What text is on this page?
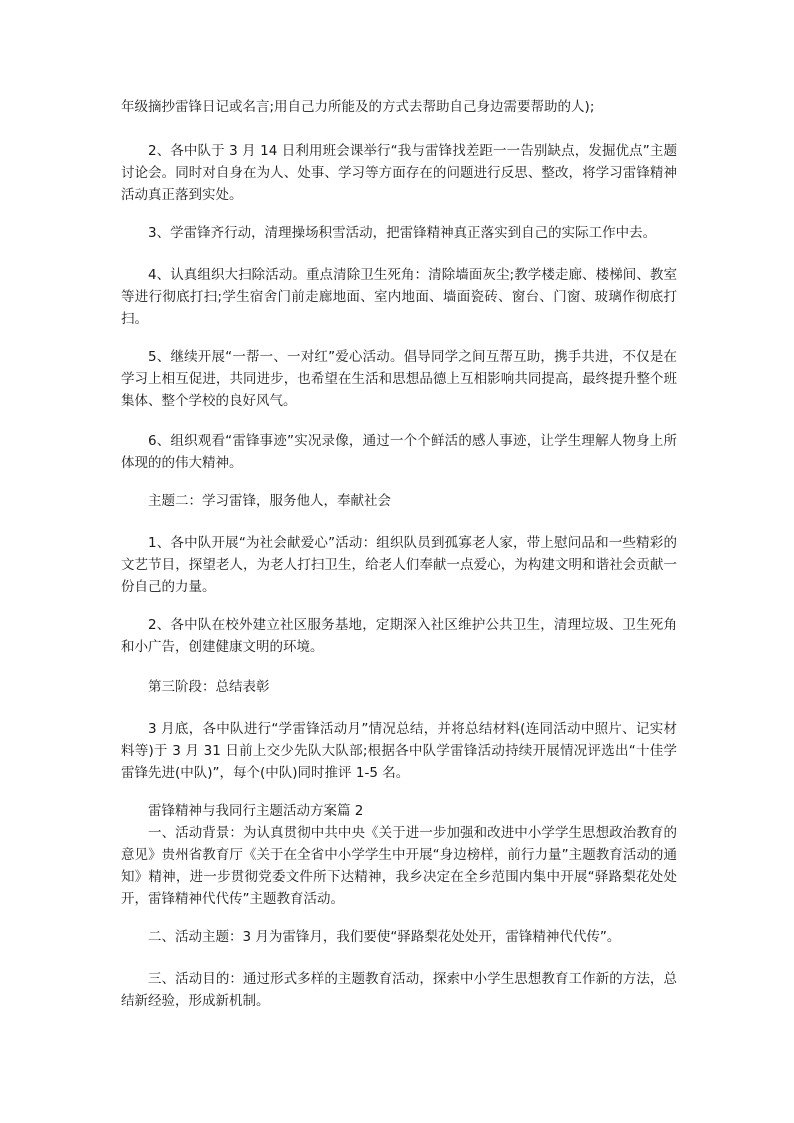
年级摘抄雷锋日记或名言;用自己力所能及的方式去帮助自己身边需要帮助的人);

2、各中队于 3 月 14 日利用班会课举行“我与雷锋找差距一一告别缺点，发掘优点”主题讨论会。同时对自身在为人、处事、学习等方面存在的问题进行反思、整改，将学习雷锋精神活动真正落到实处。

3、学雷锋齐行动，清理操场积雪活动，把雷锋精神真正落实到自己的实际工作中去。

4、认真组织大扫除活动。重点清除卫生死角：清除墙面灰尘;教学楼走廊、楼梯间、教室等进行彻底打扫;学生宿舍门前走廊地面、室内地面、墙面瓷砖、窗台、门窗、玻璃作彻底打扫。

5、继续开展“一帮一、一对红”爱心活动。倡导同学之间互帮互助，携手共进，不仅是在学习上相互促进，共同进步，也希望在生活和思想品德上互相影响共同提高，最终提升整个班集体、整个学校的良好风气。

6、组织观看“雷锋事迹”实况录像，通过一个个鲜活的感人事迹，让学生理解人物身上所体现的的伟大精神。

主题二：学习雷锋，服务他人，奉献社会

1、各中队开展“为社会献爱心”活动：组织队员到孤寡老人家，带上慰问品和一些精彩的文艺节目，探望老人，为老人打扫卫生，给老人们奉献一点爱心，为构建文明和谐社会贡献一份自己的力量。

2、各中队在校外建立社区服务基地，定期深入社区维护公共卫生，清理垃圾、卫生死角和小广告，创建健康文明的环境。

第三阶段：总结表彰

3 月底，各中队进行“学雷锋活动月”情况总结，并将总结材料(连同活动中照片、记实材料等)于 3 月 31 日前上交少先队大队部;根据各中队学雷锋活动持续开展情况评选出“十佳学雷锋先进(中队)”，每个(中队)同时推评 1-5 名。

雷锋精神与我同行主题活动方案篇 2

一、活动背景：为认真贯彻中共中央《关于进一步加强和改进中小学学生思想政治教育的意见》贵州省教育厅《关于在全省中小学学生中开展“身边榜样，前行力量”主题教育活动的通知》精神，进一步贯彻党委文件所下达精神，我乡决定在全乡范围内集中开展“驿路梨花处处开，雷锋精神代代传”主题教育活动。

二、活动主题：3 月为雷锋月，我们要使“驿路梨花处处开，雷锋精神代代传”。

三、活动目的：通过形式多样的主题教育活动，探索中小学生思想教育工作新的方法，总结新经验，形成新机制。
